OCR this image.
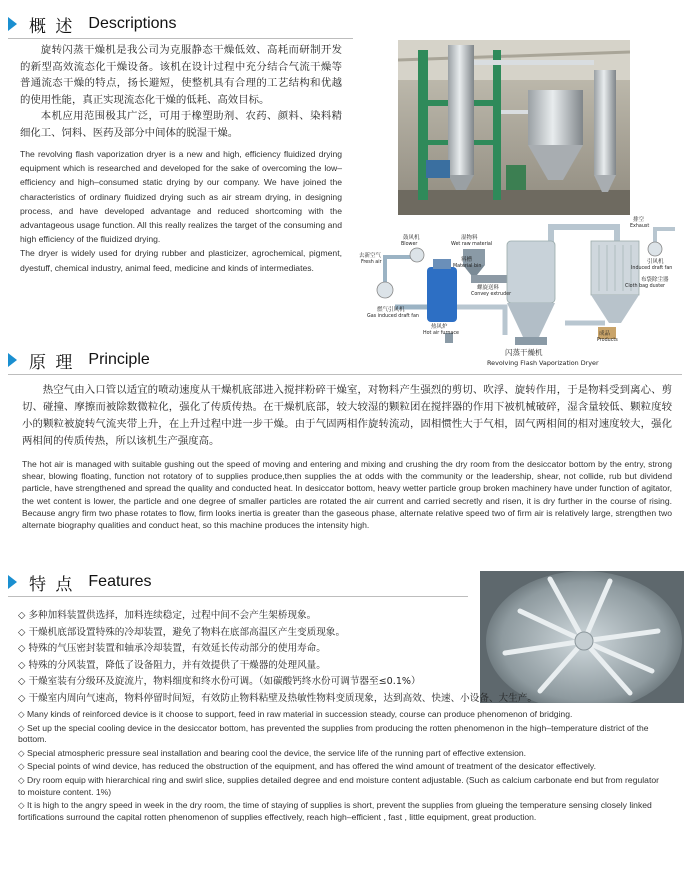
概 述 Descriptions

旋转闪蒸干燥机是我公司为克服静态干燥低效、高耗而研制开发的新型高效流态化干燥设备。该机在设计过程中充分结合气流干燥等普通流态干燥的特点，扬长避短，使整机具有合理的工艺结构和优越的使用性能，真正实现流态化干燥的低耗、高效目标。

本机应用范围极其广泛，可用于橡塑助剂、农药、颜料、染料精细化工、饲料、医药及部分中间体的脱湿干燥。

The revolving flash vaporization dryer is a new and high, efficiency fluidized drying equipment which is researched and developed for the sake of overcoming the low–efficiency and high–consumed static drying by our company. We have joined the characteristics of ordinary fluidized drying such as air stream drying, in designing process, and have developed advantage and reduced shortcoming with the advantageous usage function. All this really realizes the target of the consuming and high efficiency of the fluidized drying.

The dryer is widely used for drying rubber and plasticizer, agrochemical, pigment, dyestuff, chemical industry, animal feed, medicine and kinds of intermediates.

鼓风机
Blower
湿物料
Wet raw material
去新空气
Fresh air	料槽
Material bin
螺旋送料
Convey extruder
燃气引风机
Gas induced draft fan
热风炉
Hot air furnace
排空
Exhaust
引风机
Induced draft fan
布袋除尘器
Cloth bag duster
成品
Products
闪蒸干燥机
Revolving Flash Vaporization Dryer
原 理 Principle

热空气由入口管以适宜的喷动速度从干燥机底部进入搅拌粉碎干燥室，对物料产生强烈的剪切、吹浮、旋转作用，于是物料受到离心、剪切、碰撞、摩擦而被除数微粒化，强化了传质传热。在干燥机底部，较大较湿的颗粒团在搅拌器的作用下被机械破碎，湿含量较低、颗粒度较小的颗粒被旋转气流夹带上升，在上升过程中进一步干燥。由于气固两相作旋转流动，固相惯性大于气相，固气两相间的相对速度较大，强化两相间的传质传热，所以该机生产强度高。

The hot air is managed with suitable gushing out the speed of moving and entering and mixing and crushing the dry room from the desiccator bottom by the entry, strong shear, blowing floating, function not rotatory of to supplies produce,then supplies the at odds with the community or the leadership, shear, not collide, rub but dividend particle, have strengthened and spread the quality and conducted heat. In desiccator bottom, heavy wetter particle group broken machinery have under function of agitator, the wet content is lower, the particle and one degree of smaller particles are rotated the air current and carried secretly and risen, it is dry further in the course of rising. Because angry firm two phase rotates to flow, firm looks inertia is greater than the gaseous phase, alternate relative speed two of firm air is relatively large, strengthen two alternate biography qualities and conduct heat, so this machine produces the intensity high.

特 点 Features

◇ 多种加料装置供选择，加料连续稳定，过程中间不会产生架桥现象。

◇ 干燥机底部设置特殊的冷却装置，避免了物料在底部高温区产生变质现象。

◇ 特殊的气压密封装置和轴承冷却装置，有效延长传动部分的使用寿命。

◇ 特殊的分风装置，降低了设备阻力，并有效提供了干燥器的处理风量。

◇ 干燥室装有分级环及旋流片，物料细度和终水份可调。（如碳酸钙终水份可调节器至≤0.1%）

◇ 干燥室内周向气速高，物料停留时间短，有效防止物料粘壁及热敏性物料变质现象，达到高效、快速、小设备、大生产。

◇ Many kinds of reinforced device is it choose to support, feed in raw material in succession steady, course can produce phenomenon of bridging.

◇ Set up the special cooling device in the desiccator bottom, has prevented the supplies from producing the rotten phenomenon in the high–temperature district of the bottom.

◇ Special atmospheric pressure seal installation and bearing cool the device, the service life of the running part of effective extension.

◇ Special points of wind device, has reduced the obstruction of the equipment, and has offered the wind amount of treatment of the desicator effectively.

◇ Dry room equip with hierarchical ring and swirl slice, supplies detailed degree and end moisture content adjustable. (Such as calcium carbonate end but from regulator to moisture content. 1%)

◇ It is high to the angry speed in week in the dry room, the time of staying of supplies is short, prevent the supplies from glueing the temperature sensing closely linked fortifications surround the capital rotten phenomenon of supplies effectively, reach high–efficient , fast , little equipment, great production.
